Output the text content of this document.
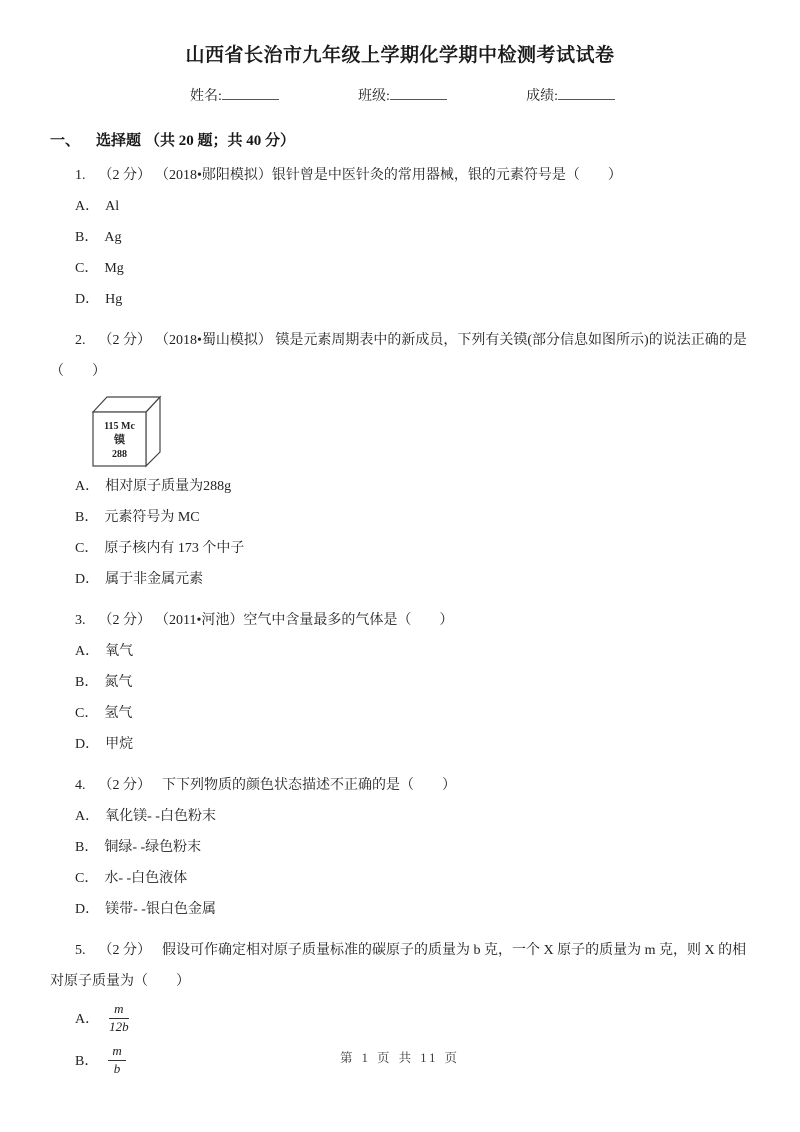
山西省长治市九年级上学期化学期中检测考试试卷
姓名:	班级:	成绩:
一、 选择题 （共 20 题；共 40 分）

1. （2 分） （2018•郧阳模拟）银针曾是中医针灸的常用器械，银的元素符号是（　　）

A． Al
B． Ag
C． Mg
D． Hg

2. （2 分） （2018•蜀山模拟） 镆是元素周期表中的新成员，下列有关镆(部分信息如图所示)的说法正确的是（　　）

115 Mc
镆
288
A． 相对原子质量为288g
B． 元素符号为 MC
C． 原子核内有 173 个中子
D． 属于非金属元素

3. （2 分） （2011•河池）空气中含量最多的气体是（　　）

A． 氧气
B． 氮气
C． 氢气
D． 甲烷

4. （2 分） 下下列物质的颜色状态描述不正确的是（　　）

A． 氧化镁- -白色粉末
B． 铜绿- -绿色粉末
C． 水- -白色液体
D． 镁带- -银白色金属

5. （2 分） 假设可作确定相对原子质量标准的碳原子的质量为 b 克，一个 X 原子的质量为 m 克，则 X 的相对原子质量为（　　）

A． $\frac{m}{12b}$
B． $\frac{m}{b}$	第 1 页 共 11 页
